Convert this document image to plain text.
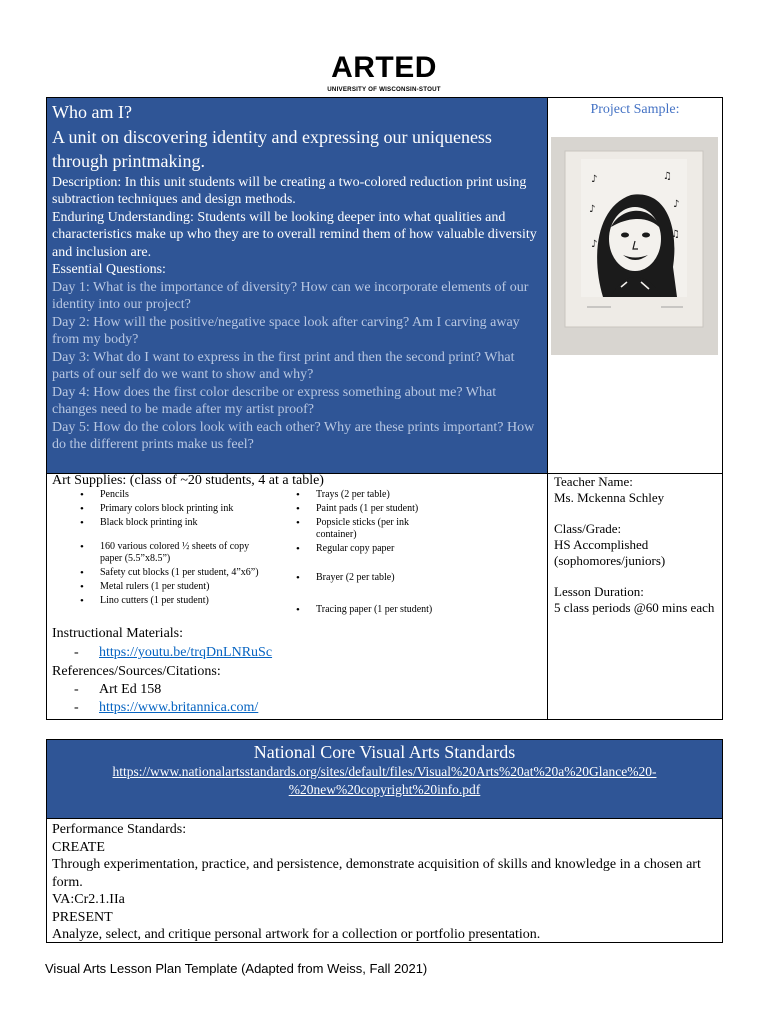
ARTED
UNIVERSITY OF WISCONSIN-STOUT
Who am I?
A unit on discovering identity and expressing our uniqueness through printmaking.

Description: In this unit students will be creating a two-colored reduction print using subtraction techniques and design methods.

Enduring Understanding: Students will be looking deeper into what qualities and characteristics make up who they are to overall remind them of how valuable diversity and inclusion are.

Essential Questions:

Day 1: What is the importance of diversity? How can we incorporate elements of our identity into our project?

Day 2: How will the positive/negative space look after carving? Am I carving away from my body?

Day 3: What do I want to express in the first print and then the second print? What parts of our self do we want to show and why?

Day 4: How does the first color describe or express something about me? What changes need to be made after my artist proof?

Day 5: How do the colors look with each other? Why are these prints important? How do the different prints make us feel?

Project Sample:
♪	♫
♪	♪
♫
♪
Art Supplies: (class of ~20 students, 4 at a table)
• Pencils
• Primary colors block printing ink
• Black block printing ink
• 160 various colored ½ sheets of copy paper (5.5”x8.5”)
• Safety cut blocks (1 per student, 4”x6”)
• Metal rulers (1 per student)
• Lino cutters (1 per student)
• Trays (2 per table)
• Paint pads (1 per student)
• Popsicle sticks (per ink container)
• Regular copy paper
• Brayer (2 per table)
• Tracing paper (1 per student)
Instructional Materials:
- https://youtu.be/trqDnLNRuSc
References/Sources/Citations:
- Art Ed 158
- https://www.britannica.com/

Teacher Name:

Ms. Mckenna Schley

Class/Grade:

HS Accomplished (sophomores/juniors)

Lesson Duration:

5 class periods @60 mins each

National Core Visual Arts Standards
https://www.nationalartsstandards.org/sites/default/files/Visual%20Arts%20at%20a%20Glance%20-%20new%20copyright%20info.pdf

Performance Standards:

CREATE

Through experimentation, practice, and persistence, demonstrate acquisition of skills and knowledge in a chosen art form.

VA:Cr2.1.IIa

PRESENT

Analyze, select, and critique personal artwork for a collection or portfolio presentation.

Visual Arts Lesson Plan Template (Adapted from Weiss, Fall 2021)
